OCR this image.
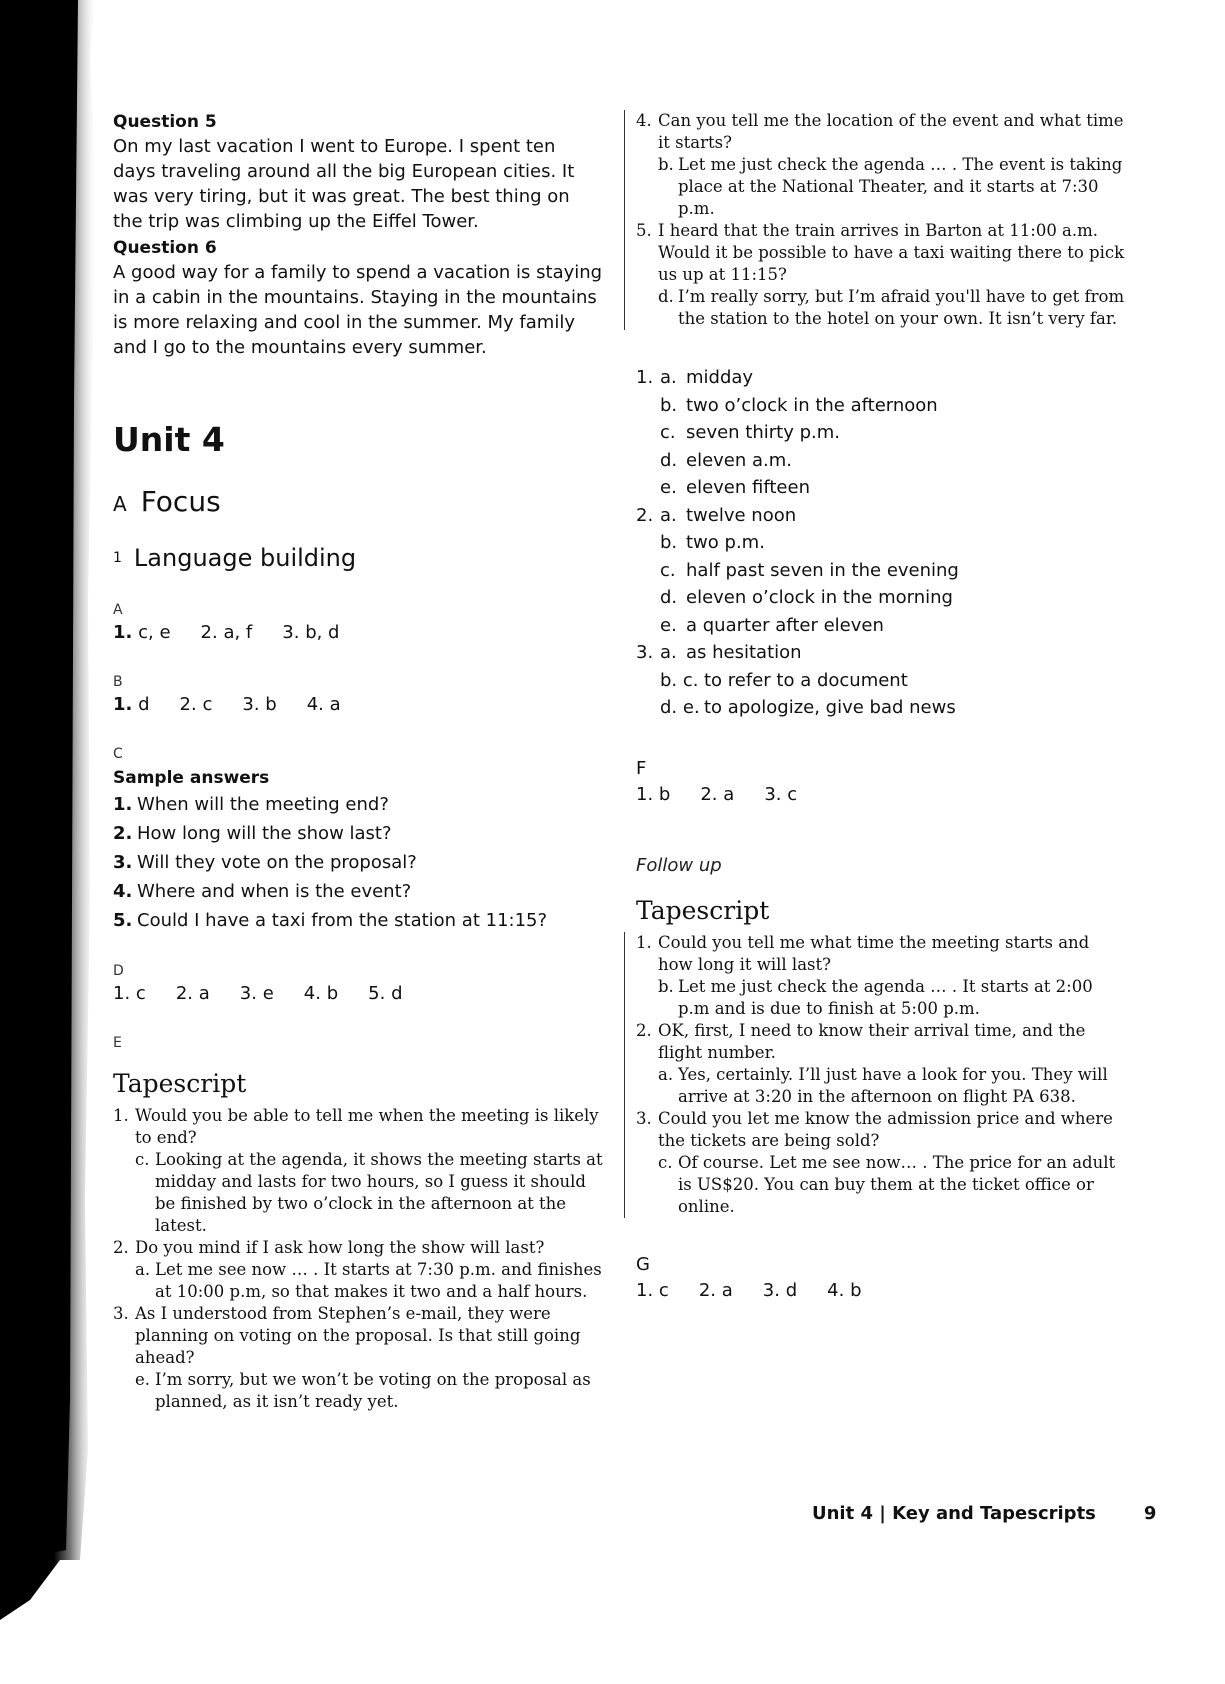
Question 5

On my last vacation I went to Europe. I spent ten days traveling around all the big European cities. It was very tiring, but it was great. The best thing on the trip was climbing up the Eiffel Tower.

Question 6

A good way for a family to spend a vacation is staying in a cabin in the mountains. Staying in the mountains is more relaxing and cool in the summer. My family and I go to the mountains every summer.

Unit 4
A Focus
$^1$ Language building
A
1. c, e 2. a, f 3. b, d
B
1. d 2. c 3. b 4. a
C
Sample answers
1. When will the meeting end?
2. How long will the show last?
3. Will they vote on the proposal?
4. Where and when is the event?
5. Could I have a taxi from the station at 11:15?
D
1. c 2. a 3. e 4. b 5. d
E
Tapescript
1. Would you be able to tell me when the meeting is likely to end?
c. Looking at the agenda, it shows the meeting starts at midday and lasts for two hours, so I guess it should be finished by two o’clock in the afternoon at the latest.
2. Do you mind if I ask how long the show will last?
a. Let me see now … . It starts at 7:30 p.m. and finishes at 10:00 p.m, so that makes it two and a half hours.
3. As I understood from Stephen’s e-mail, they were planning on voting on the proposal. Is that still going ahead?
e. I’m sorry, but we won’t be voting on the proposal as planned, as it isn’t ready yet.
4. Can you tell me the location of the event and what time it starts?
b. Let me just check the agenda … . The event is taking place at the National Theater, and it starts at 7:30 p.m.
5. I heard that the train arrives in Barton at 11:00 a.m. Would it be possible to have a taxi waiting there to pick us up at 11:15?
d. I’m really sorry, but I’m afraid you'll have to get from the station to the hotel on your own. It isn’t very far.
1. a. midday
b. two o’clock in the afternoon
c. seven thirty p.m.
d. eleven a.m.
e. eleven fifteen
2. a. twelve noon
b. two p.m.
c. half past seven in the evening
d. eleven o’clock in the morning
e. a quarter after eleven
3. a. as hesitation
b. c. to refer to a document
d. e. to apologize, give bad news
F
1. b 2. a 3. c
Follow up
Tapescript
1. Could you tell me what time the meeting starts and how long it will last?
b. Let me just check the agenda … . It starts at 2:00 p.m and is due to finish at 5:00 p.m.
2. OK, first, I need to know their arrival time, and the flight number.
a. Yes, certainly. I’ll just have a look for you. They will arrive at 3:20 in the afternoon on flight PA 638.
3. Could you let me know the admission price and where the tickets are being sold?
c. Of course. Let me see now… . The price for an adult is US$20. You can buy them at the ticket office or online.
G
1. c 2. a 3. d 4. b
Unit 4 | Key and Tapescripts	9
